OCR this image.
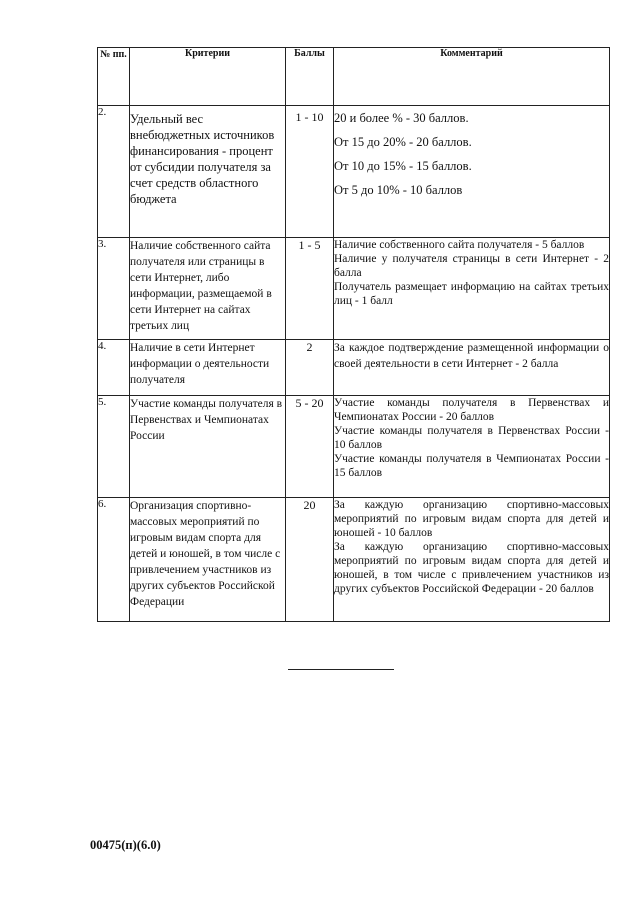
№ пп.	Критерии	Баллы	Комментарий
2.	Удельный вес внебюджетных источников финансирования - процент от субсидии получателя за счет средств областного бюджета	1 - 10	20 и более % - 30 баллов.

От 15 до 20% - 20 баллов.

От 10 до 15% - 15 баллов.

От 5 до 10% - 10 баллов

3.	Наличие собственного сайта получателя или страницы в сети Интернет, либо информации, размещаемой в сети Интернет на сайтах третьих лиц	1 - 5	Наличие собственного сайта получателя - 5 баллов

Наличие у получателя страницы в сети Интернет - 2 балла

Получатель размещает информацию на сайтах третьих лиц - 1 балл

4.	Наличие в сети Интернет информации о деятельности получателя	2	За каждое подтверждение размещенной информации о своей деятельности в сети Интернет - 2 балла

5.	Участие команды получателя в Первенствах и Чемпионатах России	5 - 20	Участие команды получателя в Первенствах и Чемпионатах России - 20 баллов

Участие команды получателя в Первенствах России - 10 баллов

Участие команды получателя в Чемпионатах России - 15 баллов

6.	Организация спортивно-массовых мероприятий по игровым видам спорта для детей и юношей, в том числе с привлечением участников из других субъектов Российской Федерации	20	За каждую организацию спортивно-массовых мероприятий по игровым видам спорта для детей и юношей - 10 баллов

За каждую организацию спортивно-массовых мероприятий по игровым видам спорта для детей и юношей, в том числе с привлечением участников из других субъектов Российской Федерации - 20 баллов

00475(п)(6.0)
